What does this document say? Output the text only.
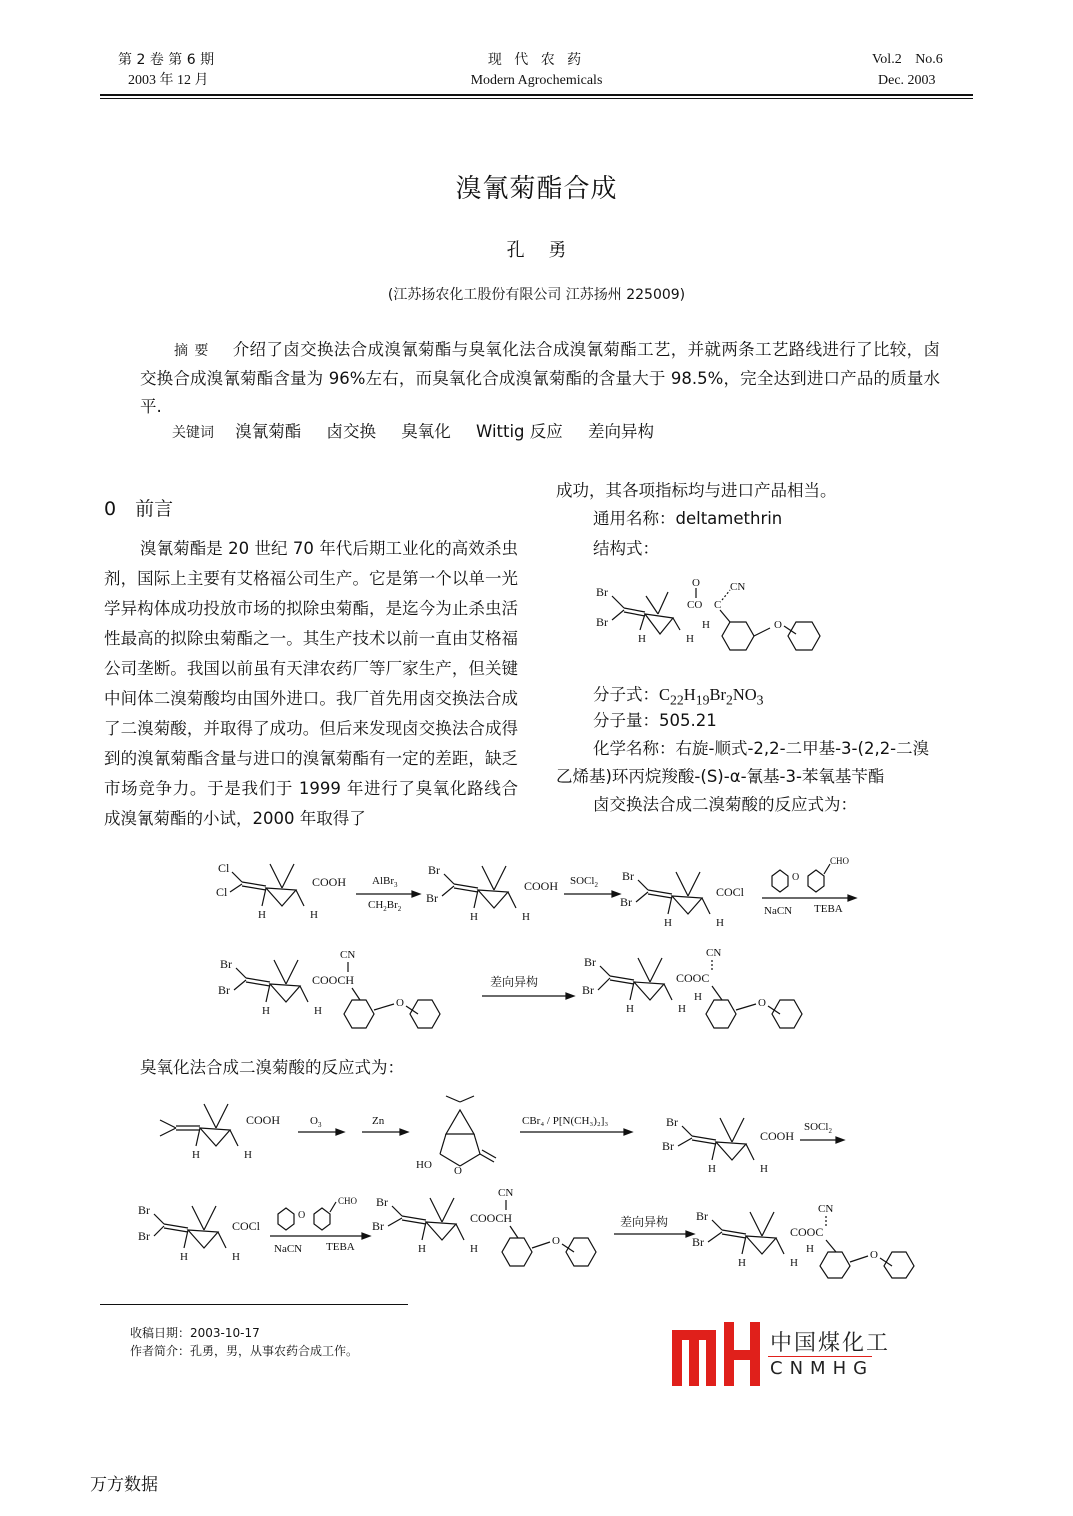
第 2 卷 第 6 期
2003 年 12 月
现 代 农 药
Modern Agrochemicals
Vol.2 No.6
Dec. 2003
溴氰菊酯合成
孔 勇
(江苏扬农化工股份有限公司 江苏扬州 225009)
摘要 介绍了卤交换法合成溴氰菊酯与臭氧化法合成溴氰菊酯工艺，并就两条工艺路线进行了比较，卤交换合成溴氰菊酯含量为 96%左右，而臭氧化合成溴氰菊酯的含量大于 98.5%，完全达到进口产品的质量水平.
关键词 溴氰菊酯 卤交换 臭氧化 Wittig 反应 差向异构
0　前言
溴氰菊酯是 20 世纪 70 年代后期工业化的高效杀虫剂，国际上主要有艾格福公司生产。它是第一个以单一光学异构体成功投放市场的拟除虫菊酯，是迄今为止杀虫活性最高的拟除虫菊酯之一。其生产技术以前一直由艾格福公司垄断。我国以前虽有天津农药厂等厂家生产，但关键中间体二溴菊酸均由国外进口。我厂首先用卤交换法合成了二溴菊酸，并取得了成功。但后来发现卤交换法合成得到的溴氰菊酯含量与进口的溴氰菊酯有一定的差距，缺乏市场竞争力。于是我们于 1999 年进行了臭氧化路线合成溴氰菊酯的小试，2000 年取得了
成功，其各项指标均与进口产品相当。
通用名称：deltamethrin
结构式：
Br
Br
H	H
O
CO C
CN
H	O
分子式：$C_{22}H_{19}Br_2NO_3$
分子量：505.21
化学名称：右旋-顺式-2,2-二甲基-3-(2,2-二溴
乙烯基)环丙烷羧酸-(S)-α-氰基-3-苯氧基苄酯
卤交换法合成二溴菊酸的反应式为：
Cl
Cl
H	H
COOH AlBr$_3$
$CH_2Br_2$
Br
Br
H	H
COOH SOCl$_2$
Br
Br
H	H
COCl
O
CHO
NaCN TEBA
Br
Br
H	H
COOCH
CN
O
差向异构
Br
Br
H	H
COOC
CN
H	O
臭氧化法合成二溴菊酸的反应式为：
H	H
COOH	$O_3$	Zn
O
HO
CBr₄ / P[N(CH₃)₂]₃	Br
Br
H	H
COOH
SOCl$_2$
Br
Br
H	H
COCl
O
CHO
NaCN TEBA
Br
Br
H	H
COOCH
CN
O
差向异构 Br
Br
H	H
COOC
CN
H	O
收稿日期：2003-10-17
作者简介：孔勇，男，从事农药合成工作。	中国煤化工
CNMHG
万方数据
